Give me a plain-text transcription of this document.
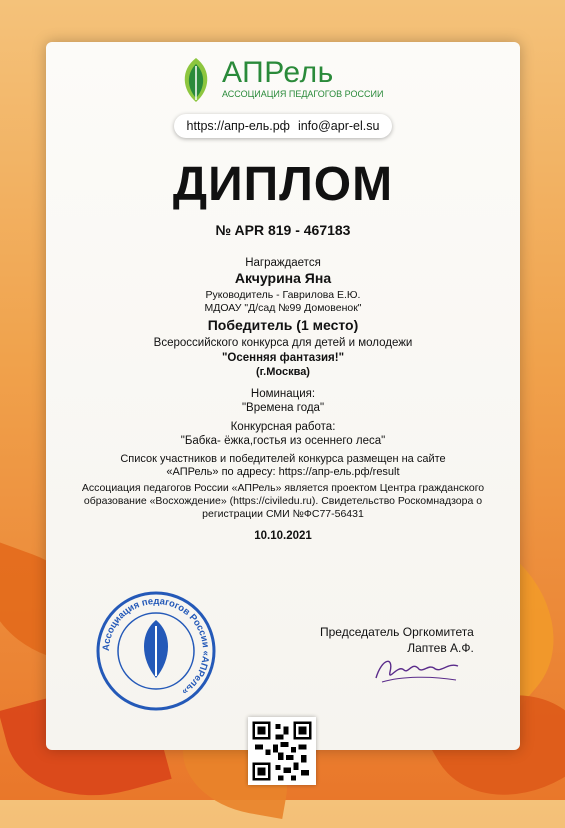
АПРель
АССОЦИАЦИЯ ПЕДАГОГОВ РОССИИ
https://апр-ель.рф info@apr-el.su
ДИПЛОМ
№ APR 819 - 467183
Награждается
Акчурина Яна
Руководитель - Гаврилова Е.Ю.
МДОАУ "Д/сад №99 Домовенок"
Победитель (1 место)
Всероссийского конкурса для детей и молодежи
"Осенняя фантазия!"
(г.Москва)
Номинация:
"Времена года"
Конкурсная работа:
"Бабка- ёжка,гостья из осеннего леса"
Список участников и победителей конкурса размещен на сайте
«АПРель» по адресу: https://апр-ель.рф/result
Ассоциация педагогов России «АПРель» является проектом Центра гражданского
образование «Восхождение» (https://civiledu.ru). Свидетельство Роскомнадзора о
регистрации СМИ №ФС77-56431
10.10.2021
Ассоциация педагогов России «АПРель»
Председатель Оргкомитета
Лаптев А.Ф.
